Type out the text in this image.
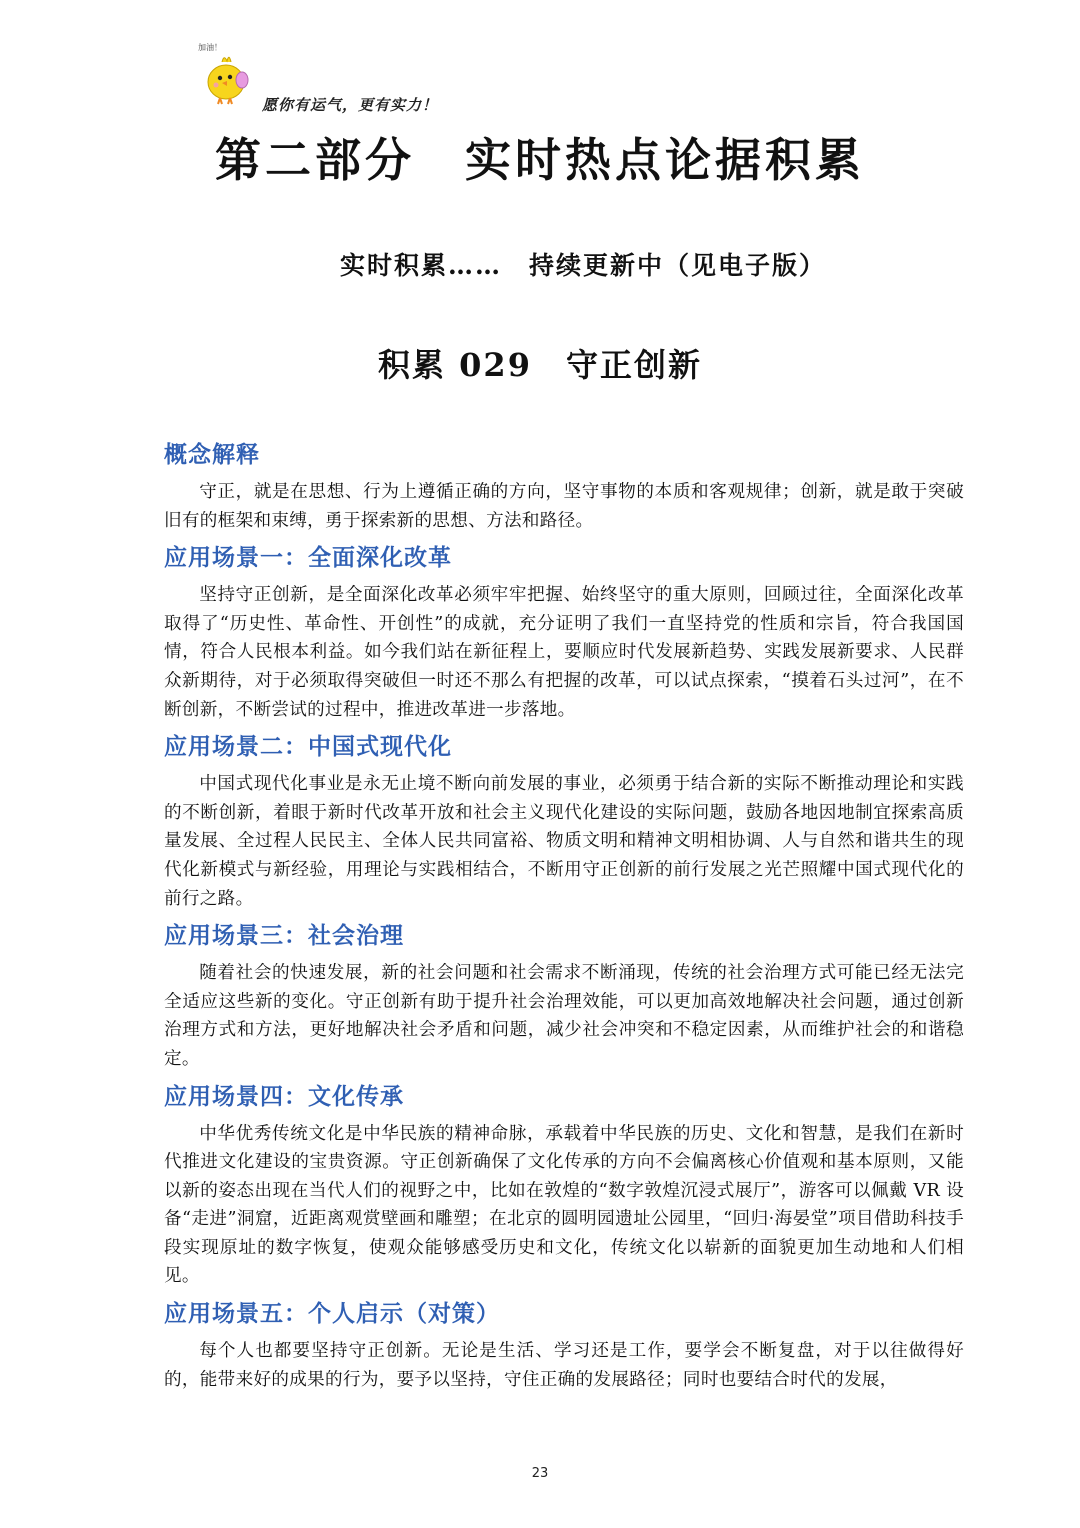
加油！
愿你有运气，更有实力！
第二部分　实时热点论据积累
实时积累……　持续更新中（见电子版）
积累 029　守正创新
概念解释

守正，就是在思想、行为上遵循正确的方向，坚守事物的本质和客观规律；创新，就是敢于突破旧有的框架和束缚，勇于探索新的思想、方法和路径。

应用场景一：全面深化改革

坚持守正创新，是全面深化改革必须牢牢把握、始终坚守的重大原则，回顾过往，全面深化改革取得了“历史性、革命性、开创性”的成就，充分证明了我们一直坚持党的性质和宗旨，符合我国国情，符合人民根本利益。如今我们站在新征程上，要顺应时代发展新趋势、实践发展新要求、人民群众新期待，对于必须取得突破但一时还不那么有把握的改革，可以试点探索，“摸着石头过河”，在不断创新，不断尝试的过程中，推进改革进一步落地。

应用场景二：中国式现代化

中国式现代化事业是永无止境不断向前发展的事业，必须勇于结合新的实际不断推动理论和实践的不断创新，着眼于新时代改革开放和社会主义现代化建设的实际问题，鼓励各地因地制宜探索高质量发展、全过程人民民主、全体人民共同富裕、物质文明和精神文明相协调、人与自然和谐共生的现代化新模式与新经验，用理论与实践相结合，不断用守正创新的前行发展之光芒照耀中国式现代化的前行之路。

应用场景三：社会治理

随着社会的快速发展，新的社会问题和社会需求不断涌现，传统的社会治理方式可能已经无法完全适应这些新的变化。守正创新有助于提升社会治理效能，可以更加高效地解决社会问题，通过创新治理方式和方法，更好地解决社会矛盾和问题，减少社会冲突和不稳定因素，从而维护社会的和谐稳定。

应用场景四：文化传承

中华优秀传统文化是中华民族的精神命脉，承载着中华民族的历史、文化和智慧，是我们在新时代推进文化建设的宝贵资源。守正创新确保了文化传承的方向不会偏离核心价值观和基本原则，又能以新的姿态出现在当代人们的视野之中，比如在敦煌的“数字敦煌沉浸式展厅”，游客可以佩戴 VR 设备“走进”洞窟，近距离观赏壁画和雕塑；在北京的圆明园遗址公园里，“回归·海晏堂”项目借助科技手段实现原址的数字恢复，使观众能够感受历史和文化，传统文化以崭新的面貌更加生动地和人们相见。

应用场景五：个人启示（对策）

每个人也都要坚持守正创新。无论是生活、学习还是工作，要学会不断复盘，对于以往做得好的，能带来好的成果的行为，要予以坚持，守住正确的发展路径；同时也要结合时代的发展，

23
